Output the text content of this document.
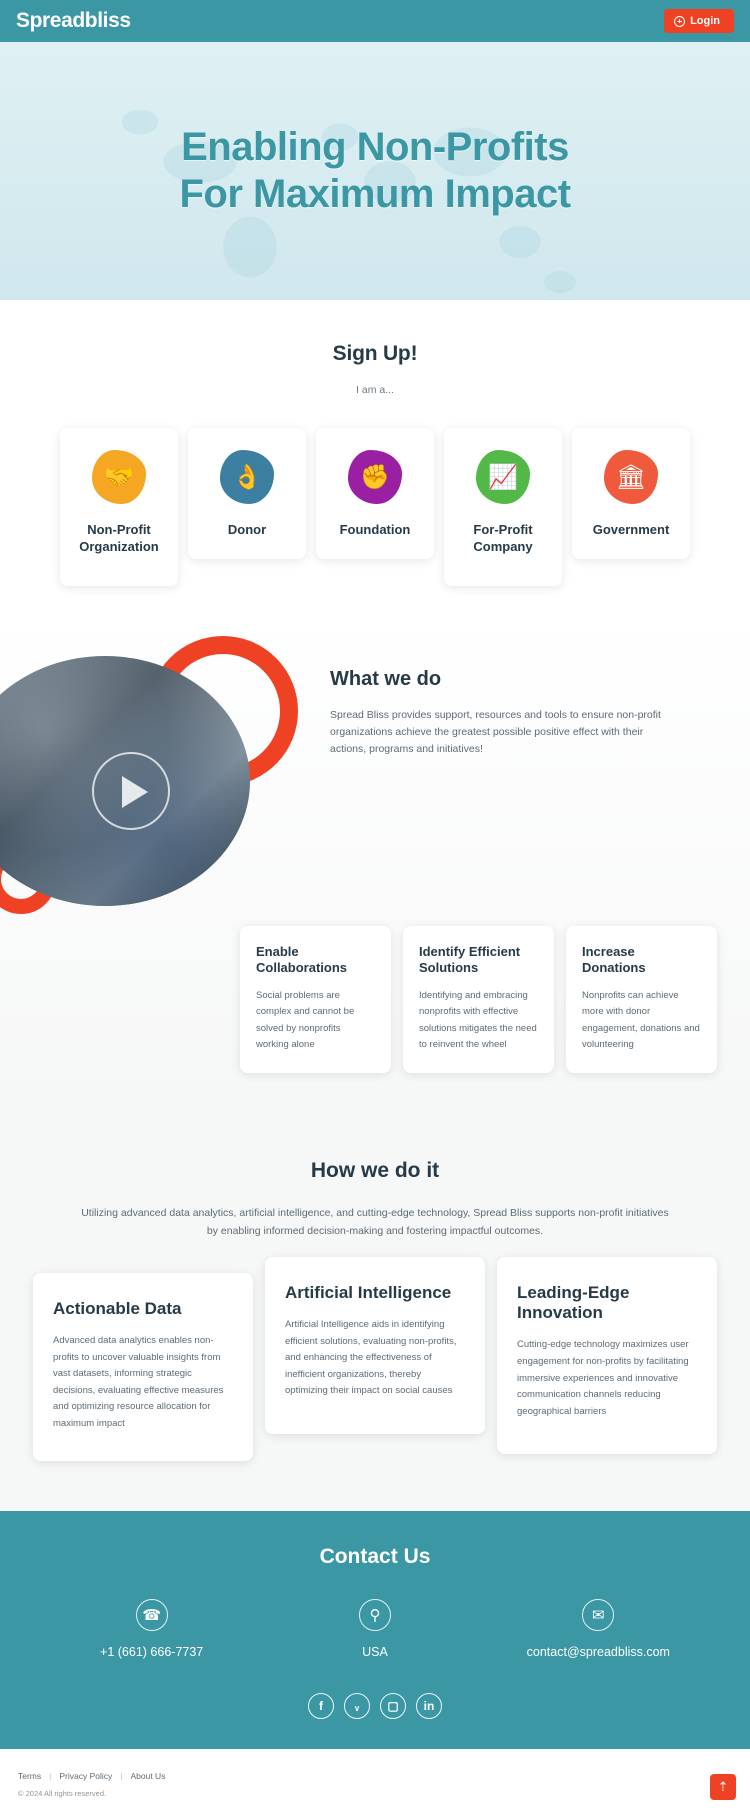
Spreadbliss	Login
Enabling Non-Profits
For Maximum Impact
Sign Up!
I am a...
🤝
Non-Profit Organization
👌
Donor
✊
Foundation
📈
For-Profit Company
🏛
Government
What we do

Spread Bliss provides support, resources and tools to ensure non-profit organizations achieve the greatest possible positive effect with their actions, programs and initiatives!

Enable Collaborations

Social problems are complex and cannot be solved by nonprofits working alone

Identify Efficient Solutions

Identifying and embracing nonprofits with effective solutions mitigates the need to reinvent the wheel

Increase Donations

Nonprofits can achieve more with donor engagement, donations and volunteering

How we do it
Utilizing advanced data analytics, artificial intelligence, and cutting-edge technology, Spread Bliss supports non-profit initiatives by enabling informed decision-making and fostering impactful outcomes.
Actionable Data

Advanced data analytics enables non-profits to uncover valuable insights from vast datasets, informing strategic decisions, evaluating effective measures and optimizing resource allocation for maximum impact

Artificial Intelligence

Artificial Intelligence aids in identifying efficient solutions, evaluating non-profits, and enhancing the effectiveness of inefficient organizations, thereby optimizing their impact on social causes

Leading-Edge Innovation

Cutting-edge technology maximizes user engagement for non-profits by facilitating immersive experiences and innovative communication channels reducing geographical barriers

Contact Us
☎
+1 (661) 666-7737
⚲
USA
✉
contact@spreadbliss.com
f	ᵥ	▢	in
Terms | Privacy Policy | About Us
© 2024 All rights reserved.	⇡
